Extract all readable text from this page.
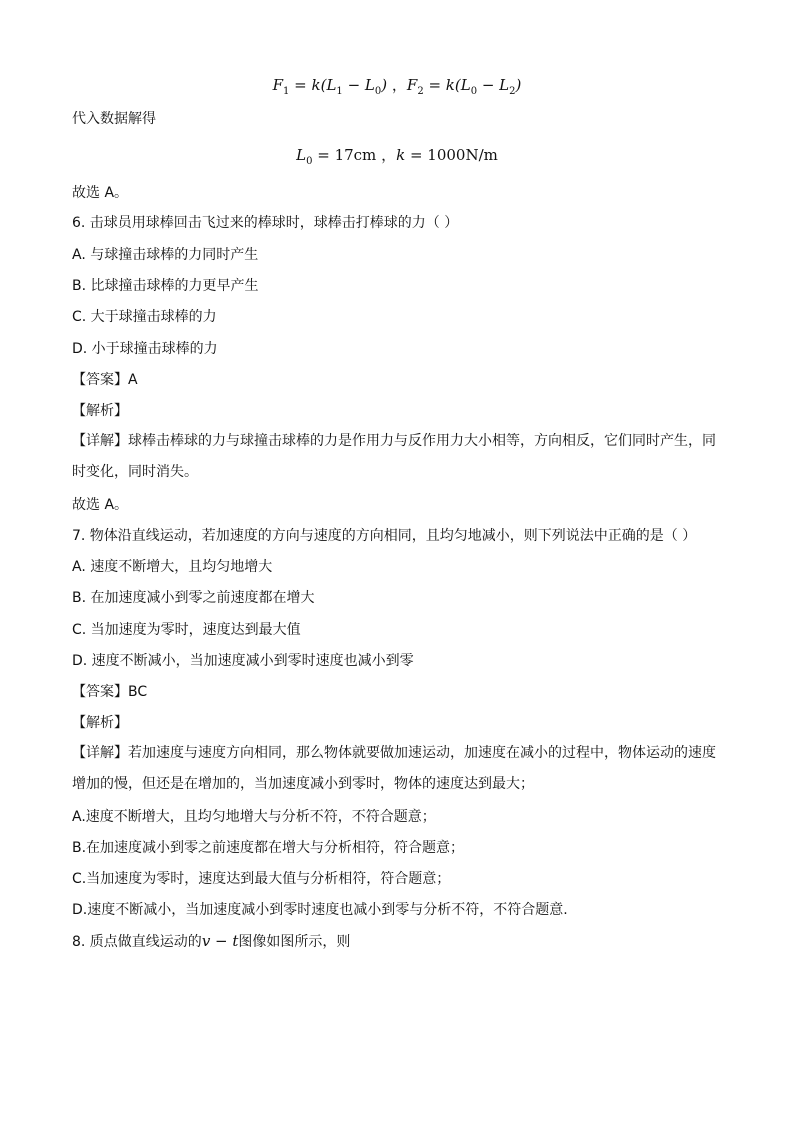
$F_1 = k(L_1 - L_0)$ ，$F_2 = k(L_0 - L_2)$
代入数据解得
$L_0 = 17cm$ ，k = 1000N/m
故选 A。
6. 击球员用球棒回击飞过来的棒球时，球棒击打棒球的力（ ）
A. 与球撞击球棒的力同时产生
B. 比球撞击球棒的力更早产生
C. 大于球撞击球棒的力
D. 小于球撞击球棒的力
【答案】A
【解析】
【详解】球棒击棒球的力与球撞击球棒的力是作用力与反作用力大小相等，方向相反，它们同时产生，同时变化，同时消失。
故选 A。
7. 物体沿直线运动，若加速度的方向与速度的方向相同，且均匀地减小，则下列说法中正确的是（ ）
A. 速度不断增大，且均匀地增大
B. 在加速度减小到零之前速度都在增大
C. 当加速度为零时，速度达到最大值
D. 速度不断减小，当加速度减小到零时速度也减小到零
【答案】BC
【解析】
【详解】若加速度与速度方向相同，那么物体就要做加速运动，加速度在减小的过程中，物体运动的速度增加的慢，但还是在增加的，当加速度减小到零时，物体的速度达到最大；
A.速度不断增大，且均匀地增大与分析不符，不符合题意；
B.在加速度减小到零之前速度都在增大与分析相符，符合题意；
C.当加速度为零时，速度达到最大值与分析相符，符合题意；
D.速度不断减小，当加速度减小到零时速度也减小到零与分析不符，不符合题意.
8. 质点做直线运动的v − t图像如图所示，则
